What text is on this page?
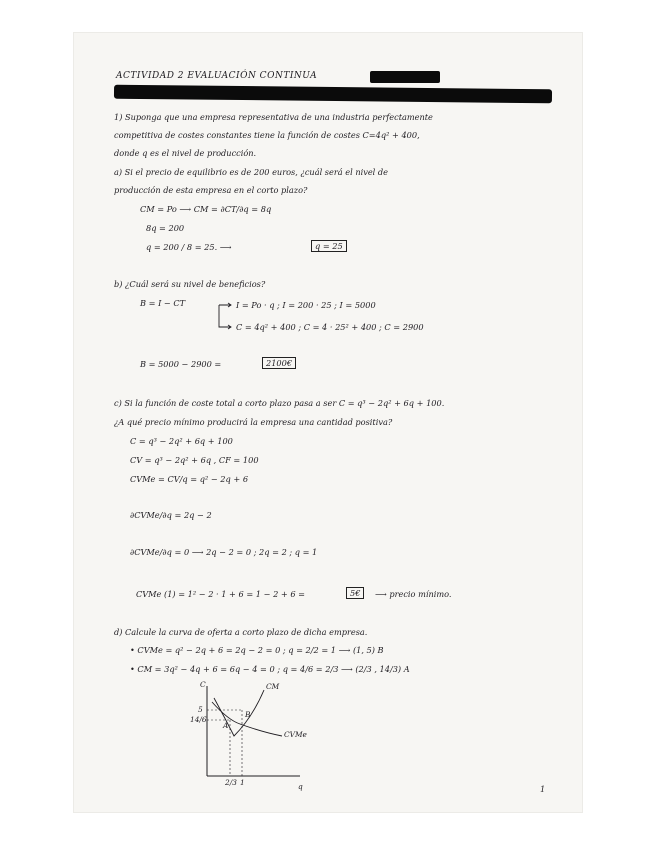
ACTIVIDAD 2 EVALUACIÓN CONTINUA
1) Suponga que una empresa representativa de una industria perfectamente
competitiva de costes constantes tiene la función de costes C=4q² + 400,
donde q es el nivel de producción.
a) Si el precio de equilibrio es de 200 euros, ¿cuál será el nivel de
producción de esta empresa en el corto plazo?
CM = Po ⟶ CM = ∂CT/∂q = 8q
8q = 200
q = 200 / 8 = 25. ⟶	q = 25
b) ¿Cuál será su nivel de beneficios?
B = I − CT	I = Po · q ; I = 200 · 25 ; I = 5000
C = 4q² + 400 ; C = 4 · 25² + 400 ; C = 2900
B = 5000 − 2900 =	2100€
c) Si la función de coste total a corto plazo pasa a ser C = q³ − 2q² + 6q + 100.
¿A qué precio mínimo producirá la empresa una cantidad positiva?
C = q³ − 2q² + 6q + 100
CV = q³ − 2q² + 6q , CF = 100
CVMe = CV/q = q² − 2q + 6
∂CVMe/∂q = 2q − 2
∂CVMe/∂q = 0 ⟶ 2q − 2 = 0 ; 2q = 2 ; q = 1
CVMe (1) = 1² − 2 · 1 + 6 = 1 − 2 + 6 =	5€	⟶ precio mínimo.
d) Calcule la curva de oferta a corto plazo de dicha empresa.
• CVMe = q² − 2q + 6 = 2q − 2 = 0 ; q = 2/2 = 1 ⟶ (1, 5) B
• CM = 3q² − 4q + 6 = 6q − 4 = 0 ; q = 4/6 = 2/3 ⟶ (2/3 , 14/3) A
C	CM
CVMe
5
14/6
A
B
2/3 1	q	1
